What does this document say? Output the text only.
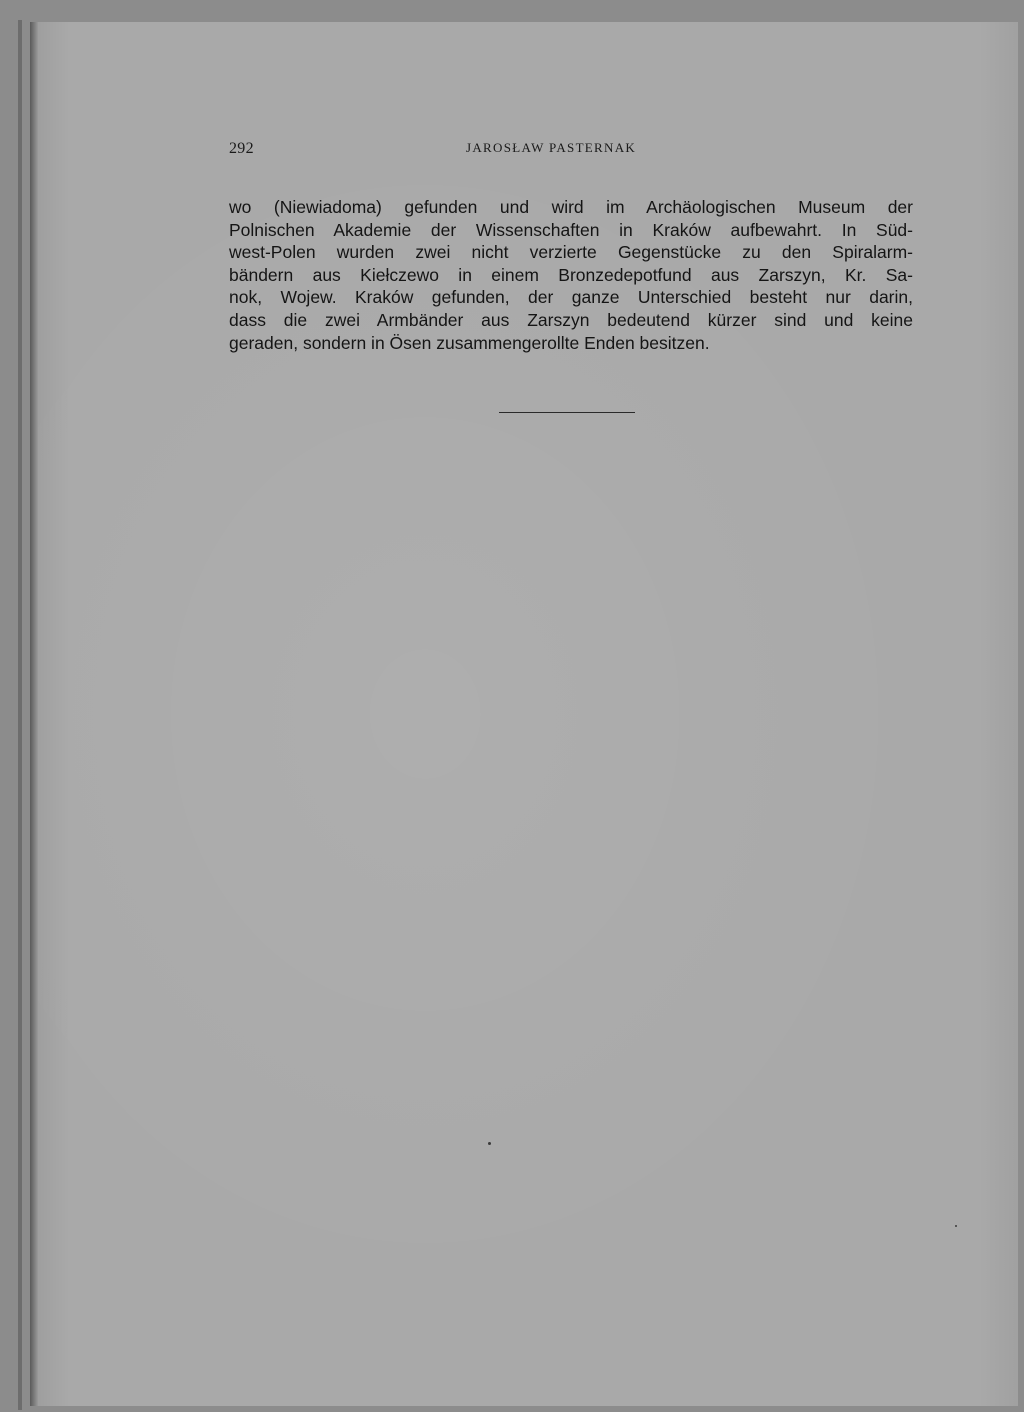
292	JAROSŁAW PASTERNAK
wo (Niewiadoma) gefunden und wird im Archäologischen Museum der
Polnischen Akademie der Wissenschaften in Kraków aufbewahrt. In Süd-
west-Polen wurden zwei nicht verzierte Gegenstücke zu den Spiralarm-
bändern aus Kiełczewo in einem Bronzedepotfund aus Zarszyn, Kr. Sa-
nok, Wojew. Kraków gefunden, der ganze Unterschied besteht nur darin,
dass die zwei Armbänder aus Zarszyn bedeutend kürzer sind und keine
geraden, sondern in Ösen zusammengerollte Enden besitzen.
